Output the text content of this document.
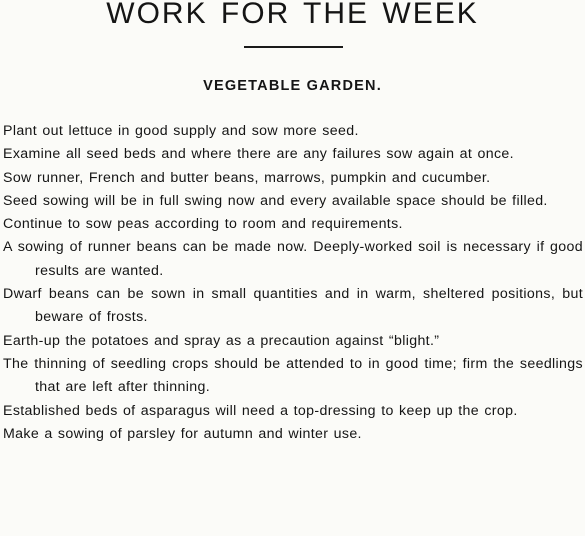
WORK FOR THE WEEK
VEGETABLE GARDEN.
Plant out lettuce in good supply and sow more seed.
Examine all seed beds and where there are any failures sow again at once.
Sow runner, French and butter beans, marrows, pumpkin and cucumber.
Seed sowing will be in full swing now and every available space should be filled.
Continue to sow peas according to room and requirements.
A sowing of runner beans can be made now. Deeply-worked soil is necessary if good results are wanted.
Dwarf beans can be sown in small quantities and in warm, sheltered positions, but beware of frosts.
Earth-up the potatoes and spray as a precaution against “blight.”
The thinning of seedling crops should be attended to in good time; firm the seedlings that are left after thinning.
Established beds of asparagus will need a top-dressing to keep up the crop.
Make a sowing of parsley for autumn and winter use.
